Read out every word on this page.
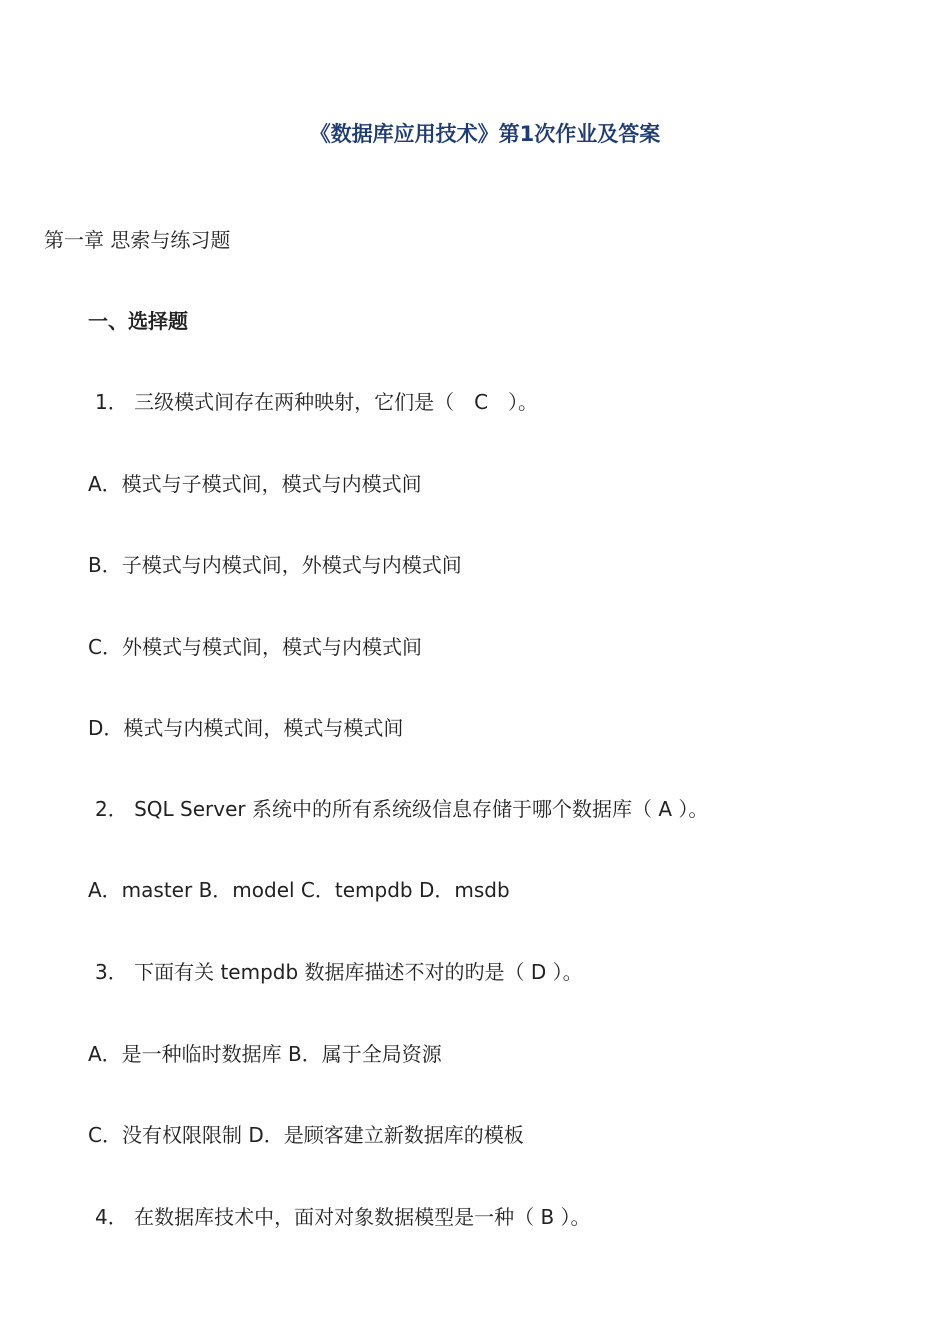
《数据库应用技术》第1次作业及答案
第一章 思索与练习题
一、选择题
1． 三级模式间存在两种映射，它们是（　C　）。
A．模式与子模式间，模式与内模式间
B．子模式与内模式间，外模式与内模式间
C．外模式与模式间，模式与内模式间
D．模式与内模式间，模式与模式间
2． SQL Server 系统中的所有系统级信息存储于哪个数据库（ A ）。
A．master B．model C．tempdb D．msdb
3． 下面有关 tempdb 数据库描述不对的旳是（ D ）。
A．是一种临时数据库 B．属于全局资源
C．没有权限限制 D．是顾客建立新数据库的模板
4． 在数据库技术中，面对对象数据模型是一种（ B ）。
